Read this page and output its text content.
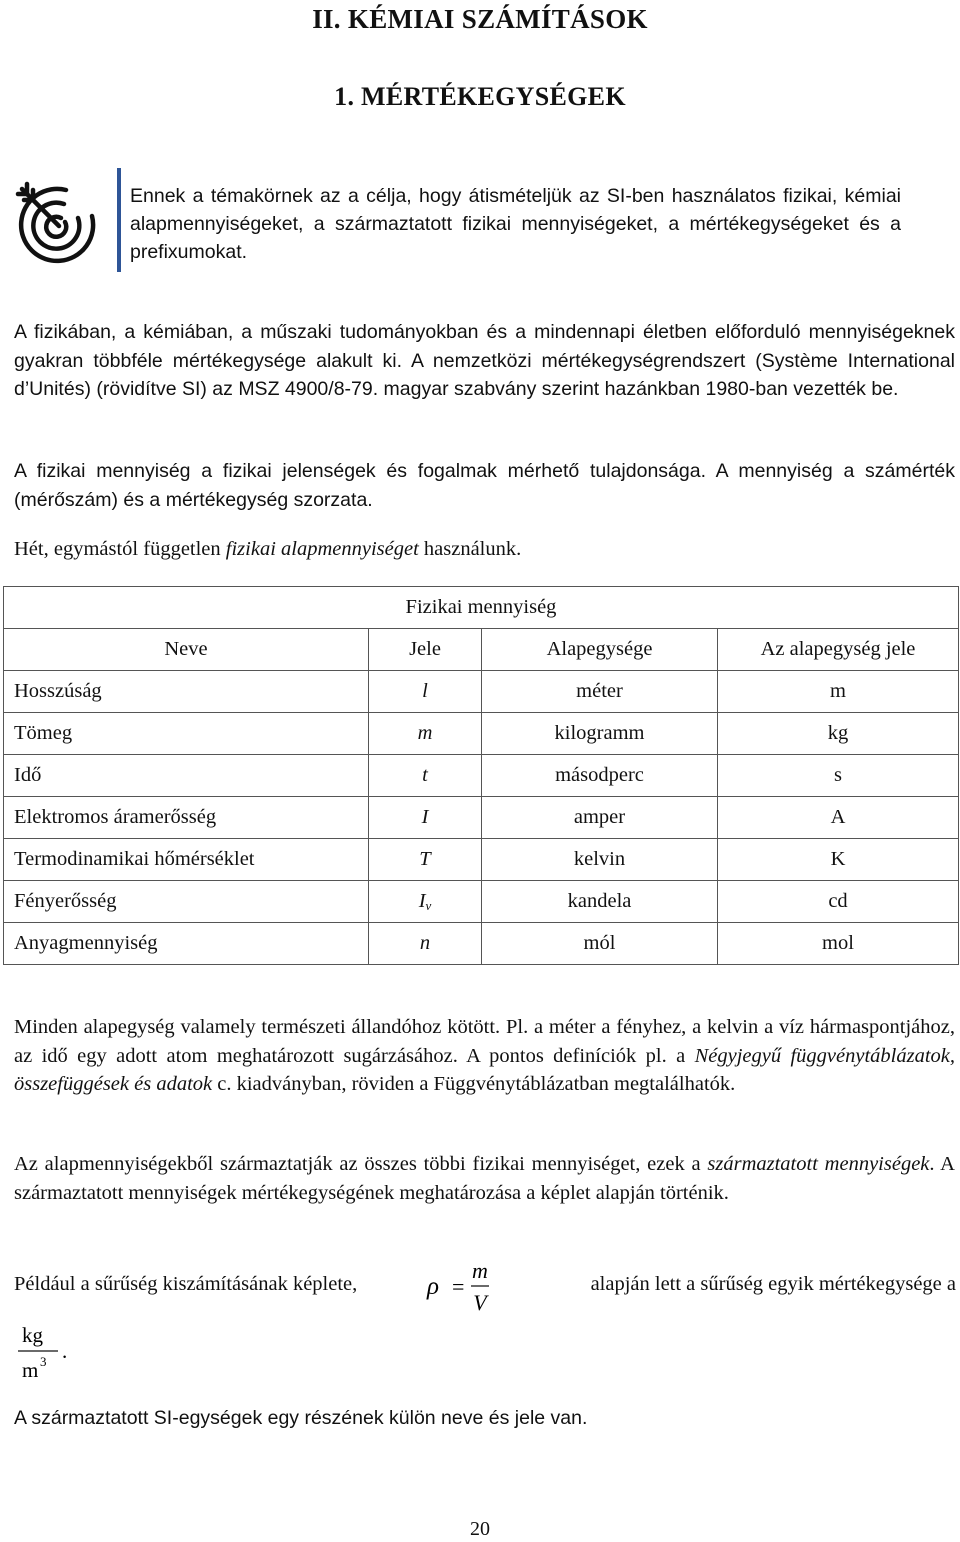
II. KÉMIAI SZÁMÍTÁSOK
1. MÉRTÉKEGYSÉGEK
Ennek a témakörnek az a célja, hogy átismételjük az SI-ben használatos fizikai, kémiai alapmennyiségeket, a származtatott fizikai mennyiségeket, a mértékegységeket és a prefixumokat.
A fizikában, a kémiában, a műszaki tudományokban és a mindennapi életben előforduló mennyiségeknek gyakran többféle mértékegysége alakult ki. A nemzetközi mértékegységrendszert (Système International d’Unités) (rövidítve SI) az MSZ 4900/8-79. magyar szabvány szerint hazánkban 1980-ban vezették be.
A fizikai mennyiség a fizikai jelenségek és fogalmak mérhető tulajdonsága. A mennyiség a számérték (mérőszám) és a mértékegység szorzata.
Hét, egymástól független fizikai alapmennyiséget használunk.
Fizikai mennyiség			
Neve	Jele	Alapegysége	Az alapegység jele
Hosszúság	l	méter	m
Tömeg	m	kilogramm	kg
Idő	t	másodperc	s
Elektromos áramerősség	I	amper	A
Termodinamikai hőmérséklet	T	kelvin	K
Fényerősség	$I_v$	kandela	cd
Anyagmennyiség	n	mól	mol
Minden alapegység valamely természeti állandóhoz kötött. Pl. a méter a fényhez, a kelvin a víz hármaspontjához, az idő egy adott atom meghatározott sugárzásához. A pontos definíciók pl. a Négyjegyű függvénytáblázatok, összefüggések és adatok c. kiadványban, röviden a Függvénytáblázatban megtalálhatók.
Az alapmennyiségekből származtatják az összes többi fizikai mennyiséget, ezek a származtatott mennyiségek. A származtatott mennyiségek mértékegységének meghatározása a képlet alapján történik.
Például a sűrűség kiszámításának képlete,	ρ =
m
V
alapján lett a sűrűség egyik mértékegysége a
kg
m 3 .
A származtatott SI-egységek egy részének külön neve és jele van.
20
